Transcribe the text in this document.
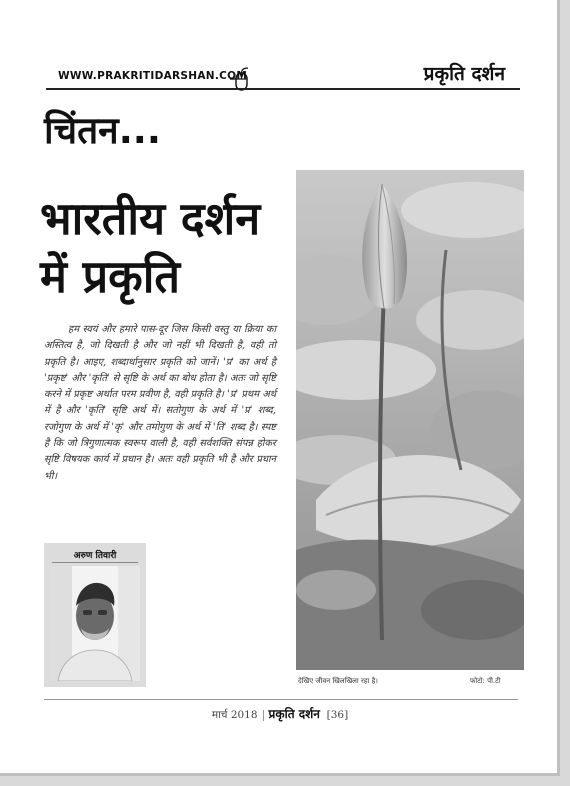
WWW.PRAKRITIDARSHAN.COM	प्रकृति दर्शन
चिंतन...
भारतीय दर्शन
में प्रकृति

हम स्वयं और हमारे पास-दूर जिस किसी वस्तु या क्रिया का अस्तित्व है, जो दिखती है और जो नहीं भी दिखती है, वही तो प्रकृति है। आइए, शब्दार्थानुसार प्रकृति को जानें। 'प्र' का अर्थ है 'प्रकृष्ट' और 'कृति' से सृष्टि के अर्थ का बोध होता है। अतः जो सृष्टि करने में प्रकृष्ट अर्थात परम प्रवीण है, वही प्रकृति है। 'प्र' प्रथम अर्थ में है और 'कृति' सृष्टि अर्थ में। सतोगुण के अर्थ में 'प्र' शब्द, रजोगुण के अर्थ में 'कृ' और तमोगुण के अर्थ में 'ति' शब्द है। स्पष्ट है कि जो त्रिगुणात्मक स्वरूप वाली है, वही सर्वशक्ति संपन्न होकर सृष्टि विषयक कार्य में प्रधान है। अतः वही प्रकृति भी है और प्रधान भी।

अरुण तिवारी
देखिए जीवन खिलखिला रहा है।	फोटो: पी.टी
मार्च 2018 प्रकृति दर्शन [36]
